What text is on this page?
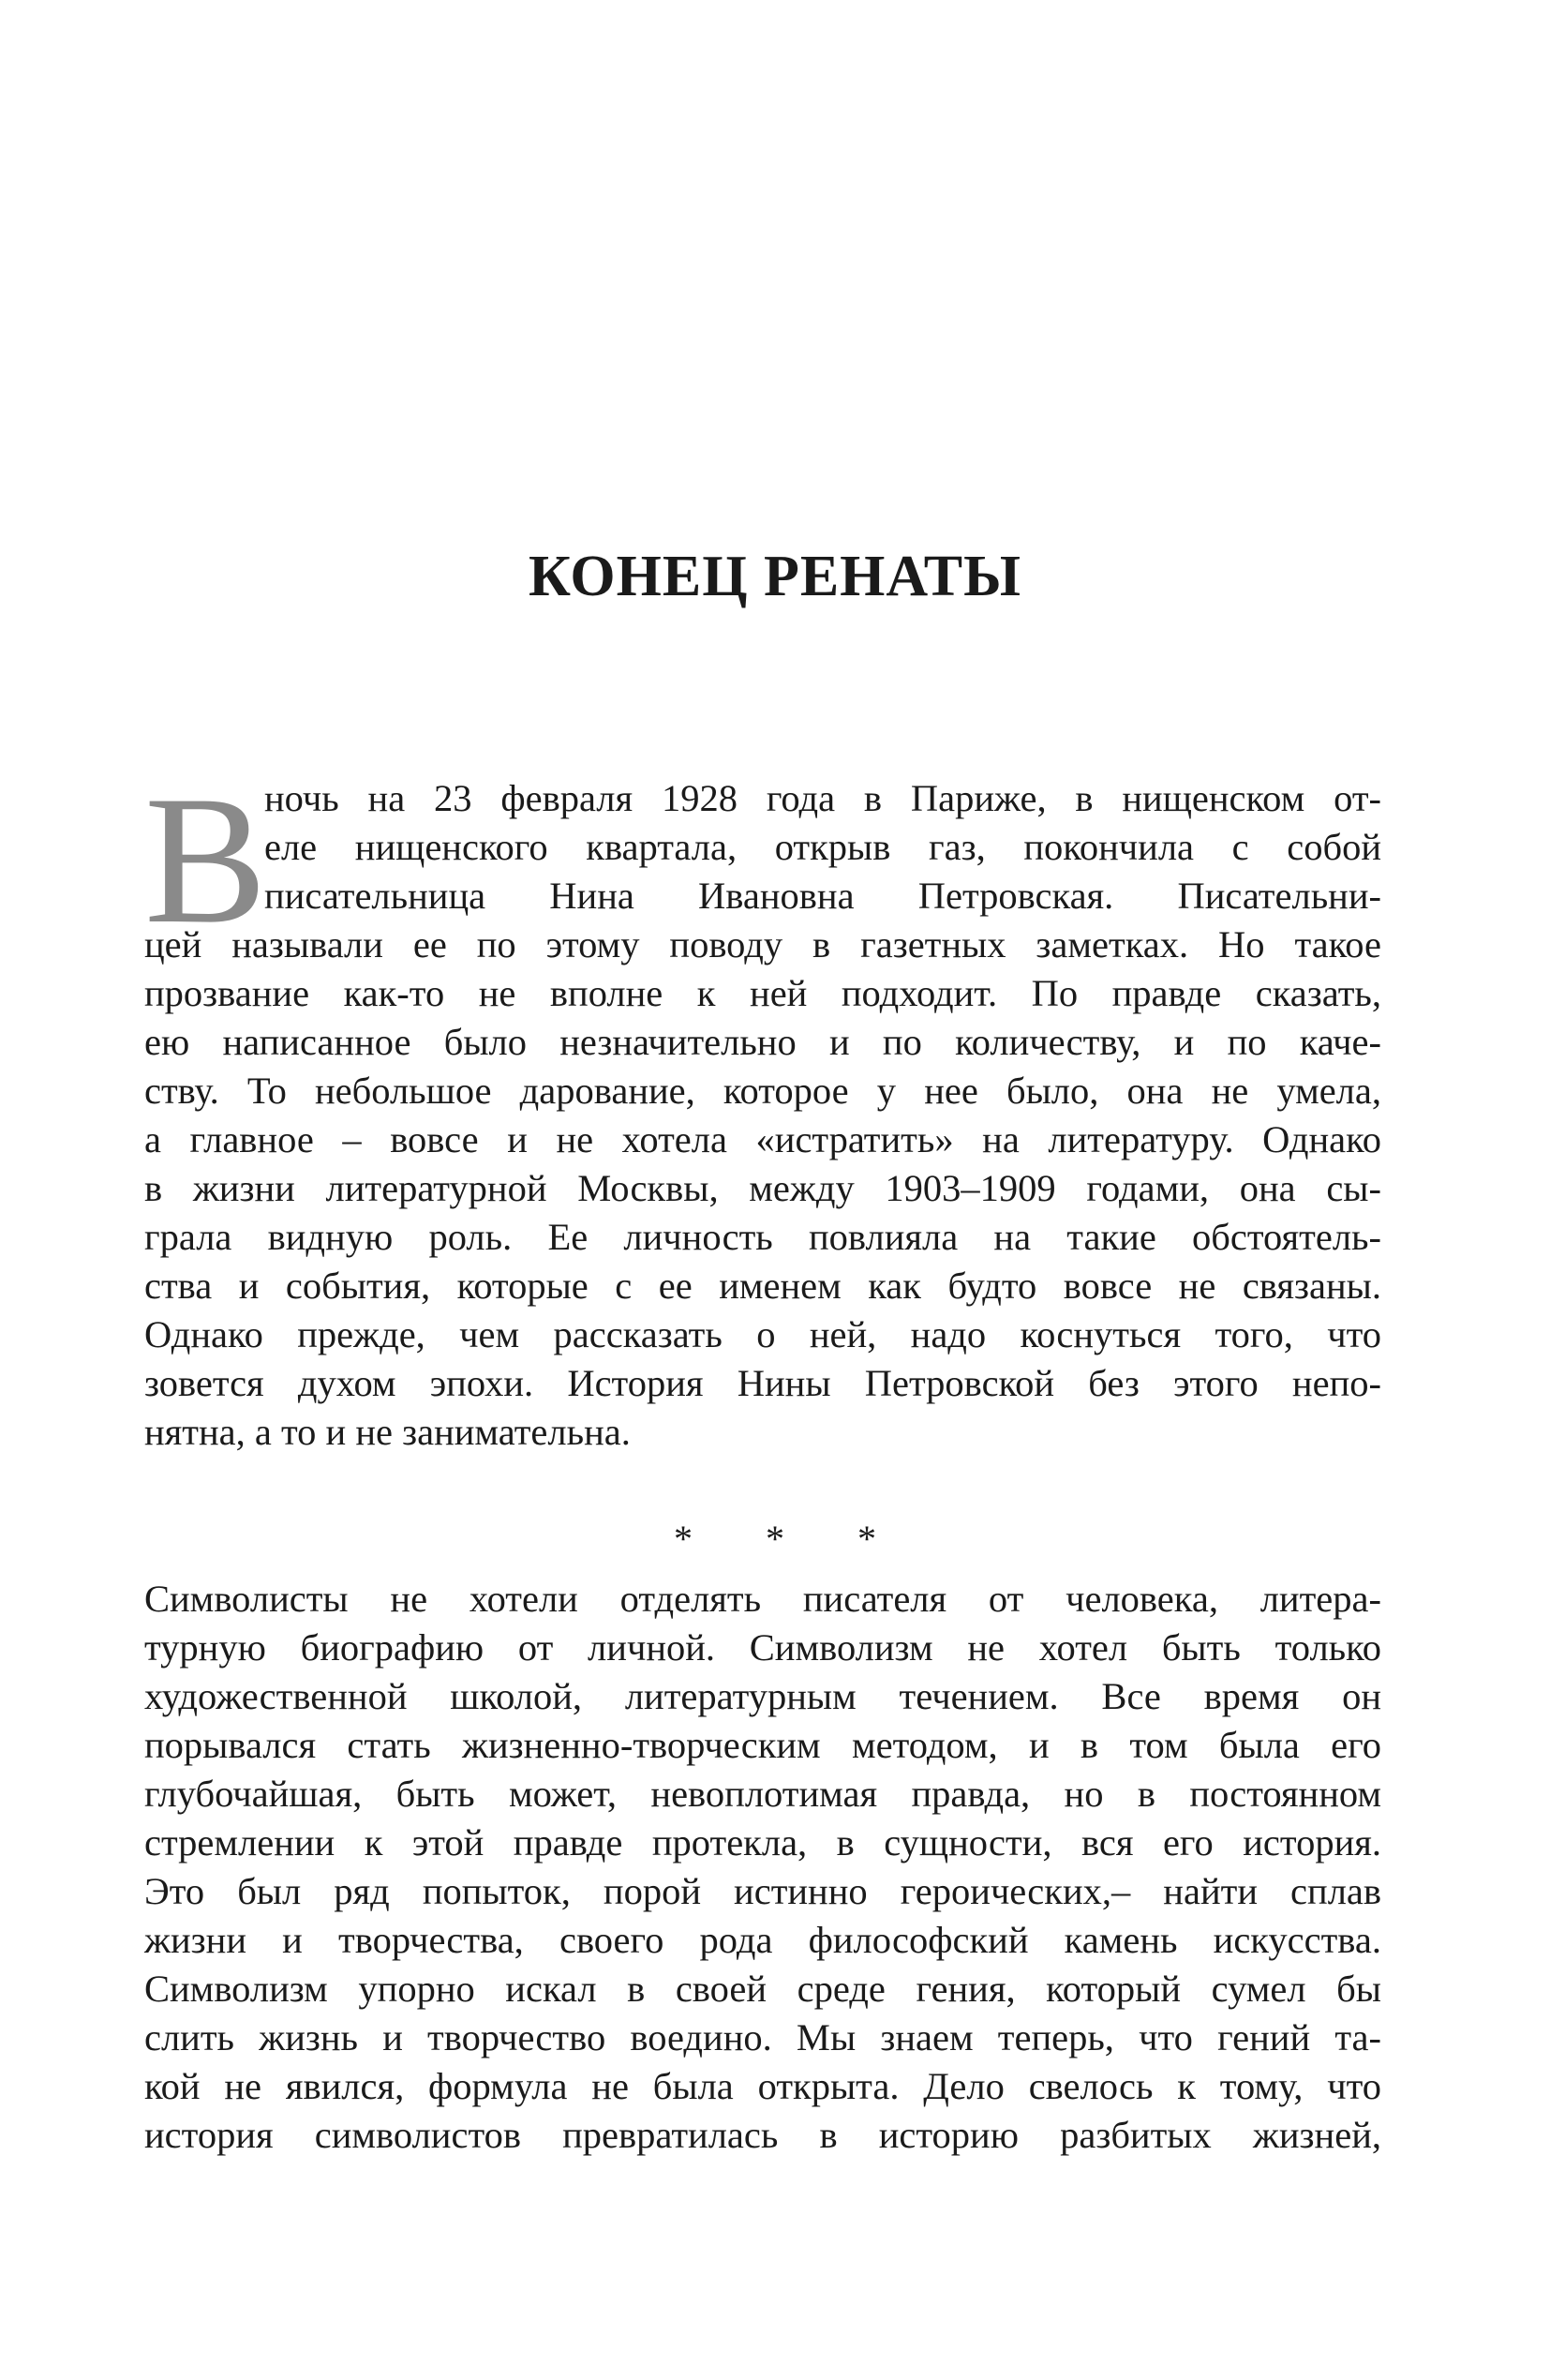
КОНЕЦ РЕНАТЫ
В
ночь на 23 февраля 1928 года в Париже, в нищенском от-
еле нищенского квартала, открыв газ, покончила с собой
писательница Нина Ивановна Петровская. Писательни-
цей называли ее по этому поводу в газетных заметках. Но такое
прозвание как-то не вполне к ней подходит. По правде сказать,
ею написанное было незначительно и по количеству, и по каче-
ству. То небольшое дарование, которое у нее было, она не умела,
а главное – вовсе и не хотела «истратить» на литературу. Однако
в жизни литературной Москвы, между 1903–1909 годами, она сы-
грала видную роль. Ее личность повлияла на такие обстоятель-
ства и события, которые с ее именем как будто вовсе не связаны.
Однако прежде, чем рассказать о ней, надо коснуться того, что
зовется духом эпохи. История Нины Петровской без этого непо-
нятна, а то и не занимательна.
* * *
Символисты не хотели отделять писателя от человека, литера-
турную биографию от личной. Символизм не хотел быть только
художественной школой, литературным течением. Все время он
порывался стать жизненно-творческим методом, и в том была его
глубочайшая, быть может, невоплотимая правда, но в постоянном
стремлении к этой правде протекла, в сущности, вся его история.
Это был ряд попыток, порой истинно героических,– найти сплав
жизни и творчества, своего рода философский камень искусства.
Символизм упорно искал в своей среде гения, который сумел бы
слить жизнь и творчество воедино. Мы знаем теперь, что гений та-
кой не явился, формула не была открыта. Дело свелось к тому, что
история символистов превратилась в историю разбитых жизней,
